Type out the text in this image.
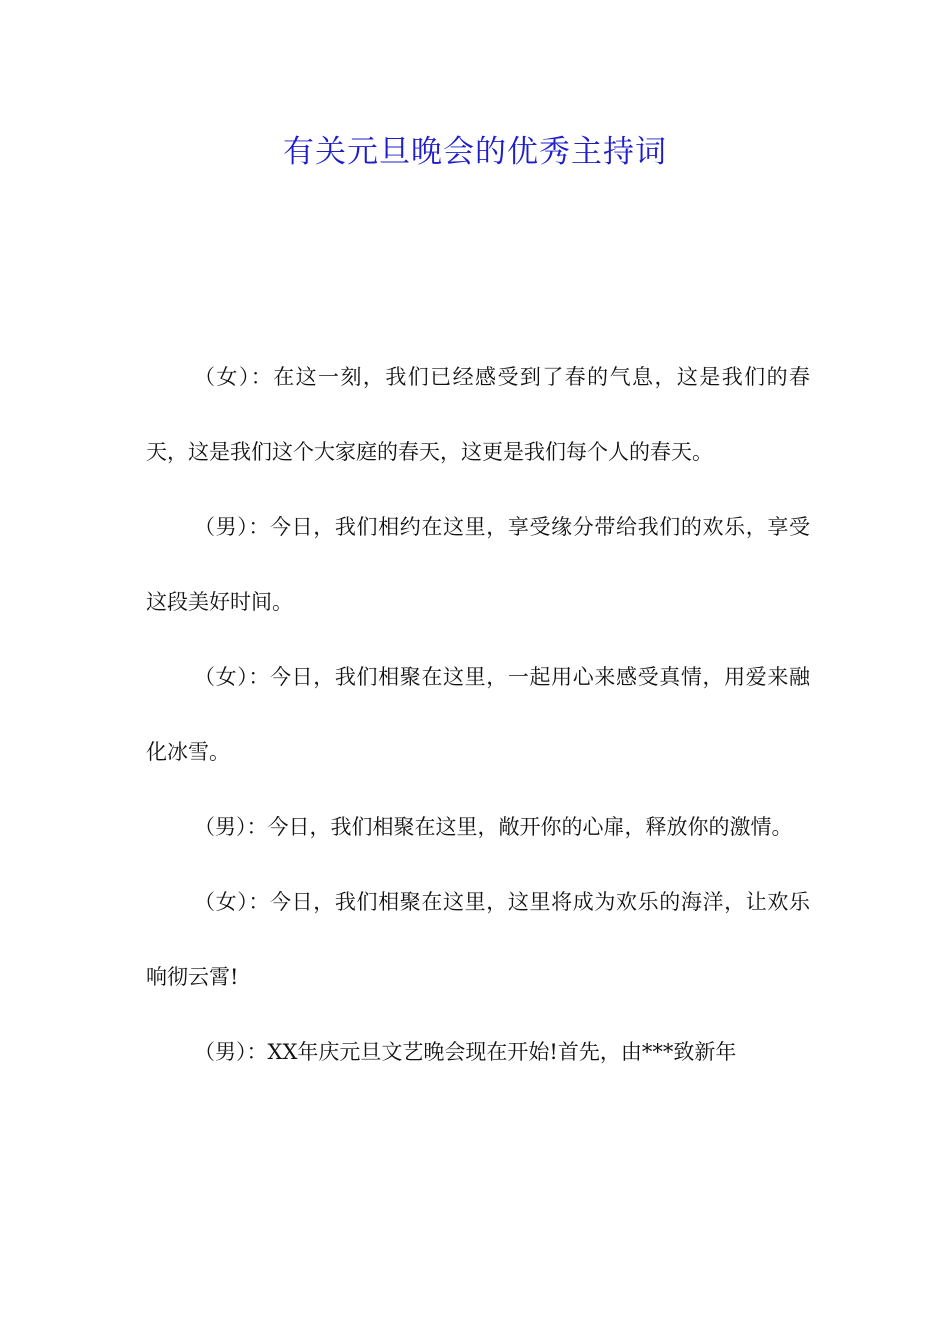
有关元旦晚会的优秀主持词

（女）：在这一刻，我们已经感受到了春的气息，这是我们的春天，这是我们这个大家庭的春天，这更是我们每个人的春天。

（男）：今日，我们相约在这里，享受缘分带给我们的欢乐，享受这段美好时间。

（女）：今日，我们相聚在这里，一起用心来感受真情，用爱来融化冰雪。

（男）：今日，我们相聚在这里，敞开你的心扉，释放你的激情。

（女）：今日，我们相聚在这里，这里将成为欢乐的海洋，让欢乐响彻云霄!

（男）：XX年庆元旦文艺晚会现在开始!首先，由***致新年
